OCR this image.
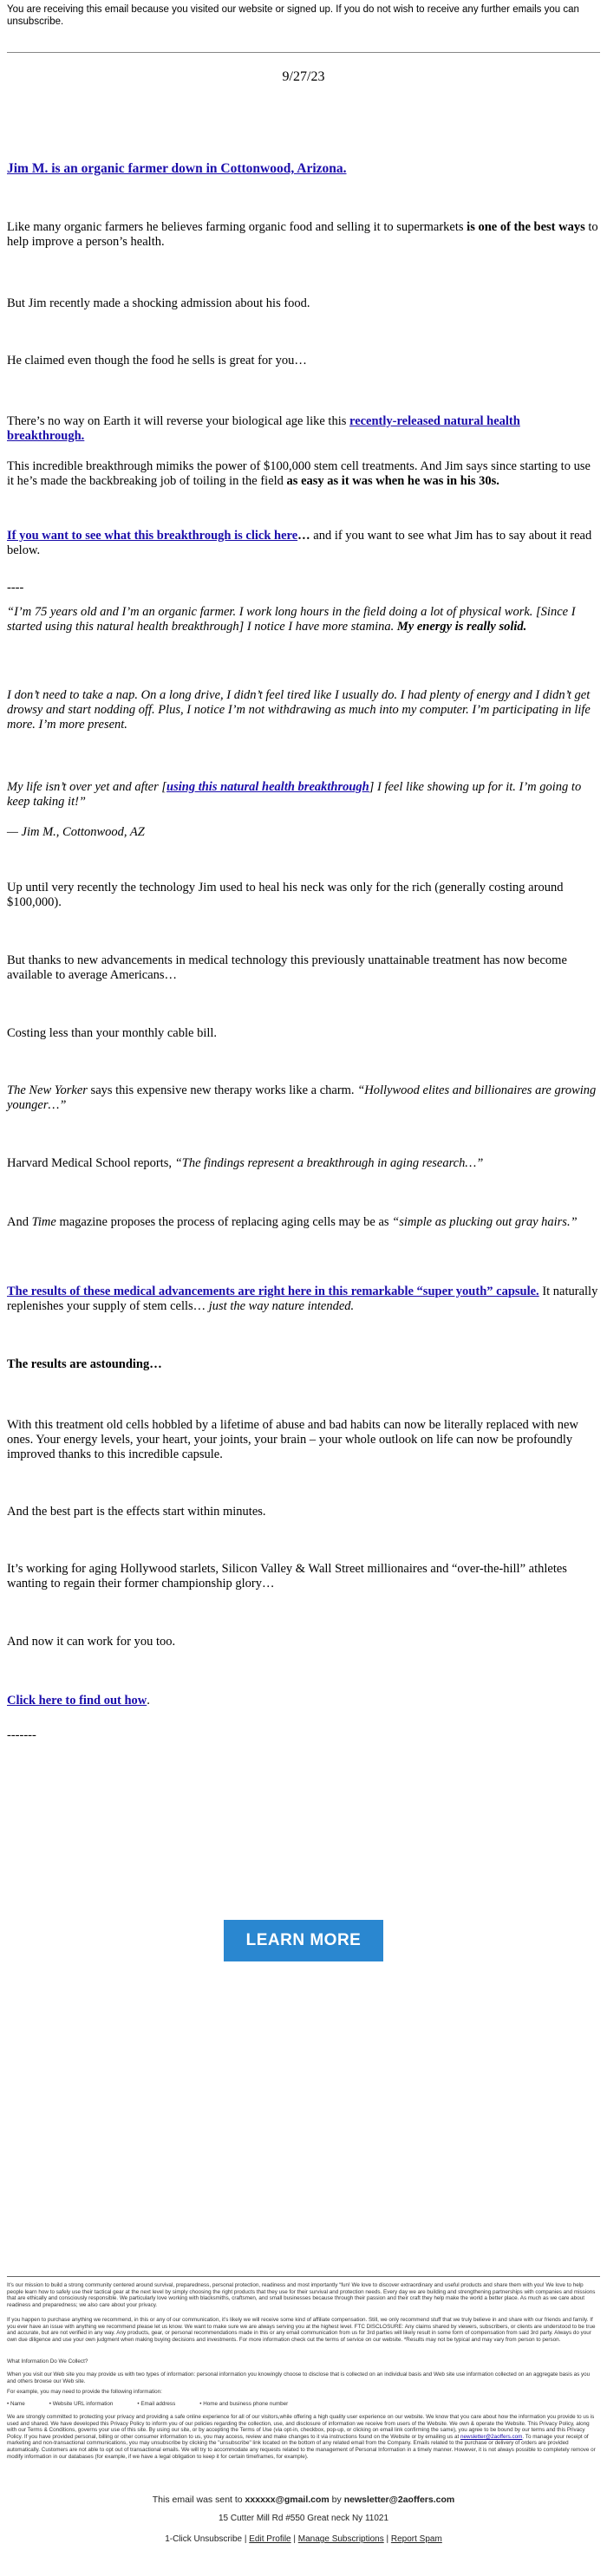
You are receiving this email because you visited our website or signed up. If you do not wish to receive any further emails you can unsubscribe.
9/27/23

Jim M. is an organic farmer down in Cottonwood, Arizona.

Like many organic farmers he believes farming organic food and selling it to supermarkets is one of the best ways to help improve a person’s health.

But Jim recently made a shocking admission about his food.

He claimed even though the food he sells is great for you…

There’s no way on Earth it will reverse your biological age like this recently-released natural health breakthrough.

This incredible breakthrough mimiks the power of $100,000 stem cell treatments. And Jim says since starting to use it he’s made the backbreaking job of toiling in the field as easy as it was when he was in his 30s.

If you want to see what this breakthrough is click here… and if you want to see what Jim has to say about it read below.

----

“I’m 75 years old and I’m an organic farmer. I work long hours in the field doing a lot of physical work. [Since I started using this natural health breakthrough] I notice I have more stamina. My energy is really solid.

I don’t need to take a nap. On a long drive, I didn’t feel tired like I usually do. I had plenty of energy and I didn’t get drowsy and start nodding off. Plus, I notice I’m not withdrawing as much into my computer. I’m participating in life more. I’m more present.

My life isn’t over yet and after [using this natural health breakthrough] I feel like showing up for it. I’m going to keep taking it!”

— Jim M., Cottonwood, AZ

Up until very recently the technology Jim used to heal his neck was only for the rich (generally costing around $100,000).

But thanks to new advancements in medical technology this previously unattainable treatment has now become available to average Americans…

Costing less than your monthly cable bill.

The New Yorker says this expensive new therapy works like a charm. “Hollywood elites and billionaires are growing younger…”

Harvard Medical School reports, “The findings represent a breakthrough in aging research…”

And Time magazine proposes the process of replacing aging cells may be as “simple as plucking out gray hairs.”

The results of these medical advancements are right here in this remarkable “super youth” capsule. It naturally replenishes your supply of stem cells… just the way nature intended.

The results are astounding…

With this treatment old cells hobbled by a lifetime of abuse and bad habits can now be literally replaced with new ones. Your energy levels, your heart, your joints, your brain – your whole outlook on life can now be profoundly improved thanks to this incredible capsule.

And the best part is the effects start within minutes.

It’s working for aging Hollywood starlets, Silicon Valley & Wall Street millionaires and “over-the-hill” athletes wanting to regain their former championship glory…

And now it can work for you too.

Click here to find out how.

-------

LEARN MORE

It’s our mission to build a strong community centered around survival, preparedness, personal protection, readiness and most importantly “fun! We love to discover extraordinary and useful products and share them with you! We love to help people learn how to safely use their tactical gear at the next level by simply choosing the right products that they use for their survival and protection needs. Every day we are building and strengthening partnerships with companies and missions that are ethically and consciously responsible. We particularly love working with blacksmiths, craftsmen, and small businesses because through their passion and their craft they help make the world a better place. As much as we care about readiness and preparedness; we also care about your privacy.

If you happen to purchase anything we recommend, in this or any of our communication, it’s likely we will receive some kind of affiliate compensation. Still, we only recommend stuff that we truly believe in and share with our friends and family. If you ever have an issue with anything we recommend please let us know. We want to make sure we are always serving you at the highest level. FTC DISCLOSURE: Any claims shared by viewers, subscribers, or clients are understood to be true and accurate, but are not verified in any way. Any products, gear, or personal recommendations made in this or any email communication from us for 3rd parties will likely result in some form of compensation from said 3rd party. Always do your own due diligence and use your own judgment when making buying decisions and investments. For more information check out the terms of service on our website. *Results may not be typical and may vary from person to person.

What Information Do We Collect?

When you visit our Web site you may provide us with two types of information: personal information you knowingly choose to disclose that is collected on an individual basis and Web site use information collected on an aggregate basis as you and others browse our Web site.

For example, you may need to provide the following information:

• Name	• Website URL information	• Email address	• Home and business phone number

We are strongly committed to protecting your privacy and providing a safe online experience for all of our visitors,while offering a high quality user experience on our website. We know that you care about how the information you provide to us is used and shared. We have developed this Privacy Policy to inform you of our policies regarding the collection, use, and disclosure of information we receive from users of the Website. We own & operate the Website. This Privacy Policy, along with our Terms & Conditions, governs your use of this site. By using our site, or by accepting the Terms of Use (via opt-in, checkbox, pop-up, or clicking on email link confirming the same), you agree to be bound by our terms and this Privacy Policy. If you have provided personal, billing or other consumer information to us, you may access, review and make changes to it via instructions found on the Website or by emailing us at newsletter@2aoffers.com. To manage your receipt of marketing and non-transactional communications, you may unsubscribe by clicking the "unsubscribe" link located on the bottom of any related email from the Company. Emails related to the purchase or delivery of orders are provided automatically. Customers are not able to opt out of transactional emails. We will try to accommodate any requests related to the management of Personal Information in a timely manner. However, it is not always possible to completely remove or modify information in our databases (for example, if we have a legal obligation to keep it for certain timeframes, for example).

This email was sent to xxxxxx@gmail.com by newsletter@2aoffers.com
15 Cutter Mill Rd #550 Great neck Ny 11021
1-Click Unsubscribe | Edit Profile | Manage Subscriptions | Report Spam
